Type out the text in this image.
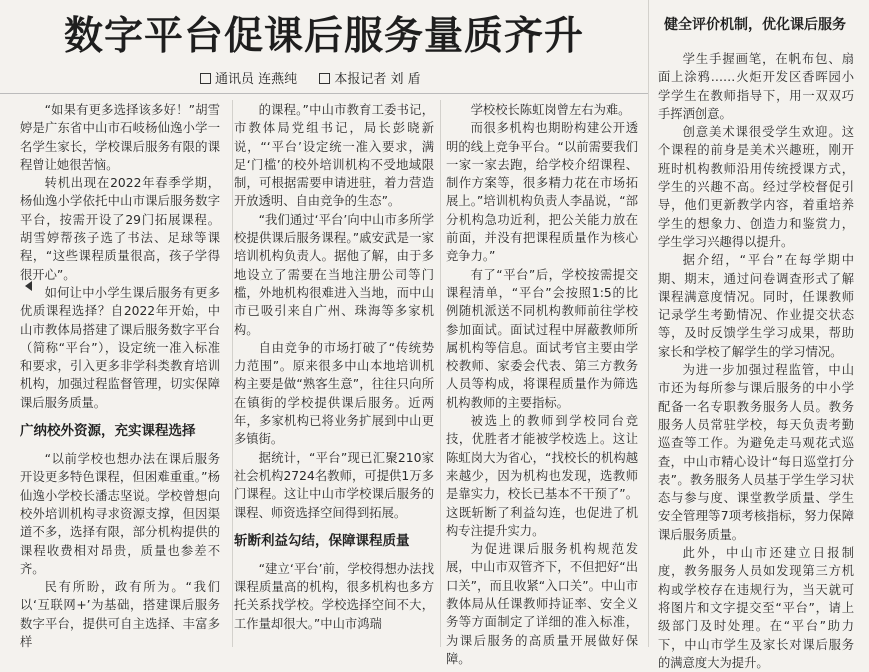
数字平台促课后服务量质齐升
通讯员 连燕纯	本报记者 刘 盾

“如果有更多选择该多好！”胡雪婷是广东省中山市石岐杨仙逸小学一名学生家长，学校课后服务有限的课程曾让她很苦恼。

转机出现在2022年春季学期，杨仙逸小学依托中山市课后服务数字平台，按需开设了29门拓展课程。胡雪婷帮孩子选了书法、足球等课程，“这些课程质量很高，孩子学得很开心”。

如何让中小学生课后服务有更多优质课程选择？自2022年开始，中山市教体局搭建了课后服务数字平台（简称“平台”），设定统一准入标准和要求，引入更多非学科类教育培训机构，加强过程监督管理，切实保障课后服务质量。

广纳校外资源，充实课程选择

“以前学校也想办法在课后服务开设更多特色课程，但困难重重。”杨仙逸小学校长潘志坚说。学校曾想向校外培训机构寻求资源支撑，但因渠道不多，选择有限，部分机构提供的课程收费相对昂贵，质量也参差不齐。

民有所盼，政有所为。“我们以‘互联网+’为基础，搭建课后服务数字平台，提供可自主选择、丰富多样

的课程。”中山市教育工委书记，市教体局党组书记，局长彭晓新说，“‘平台’设定统一准入要求，满足‘门槛’的校外培训机构不受地域限制，可根据需要申请进驻，着力营造开放透明、自由竞争的生态”。

“我们通过‘平台’向中山市多所学校提供课后服务课程。”戚安武是一家培训机构负责人。据他了解，由于多地设立了需要在当地注册公司等门槛，外地机构很难进入当地，而中山市已吸引来自广州、珠海等多家机构。

自由竞争的市场打破了“传统势力范围”。原来很多中山本地培训机构主要是做“熟客生意”，往往只向所在镇街的学校提供课后服务。近两年，多家机构已将业务扩展到中山更多镇街。

据统计，“平台”现已汇聚210家社会机构2724名教师，可提供1万多门课程。这让中山市学校课后服务的课程、师资选择空间得到拓展。

斩断利益勾结，保障课程质量

“建立‘平台’前，学校得想办法找课程质量高的机构，很多机构也多方托关系找学校。学校选择空间不大，工作量却很大。”中山市鸿瑞

学校校长陈虹岗曾左右为难。

而很多机构也期盼构建公开透明的线上竞争平台。“以前需要我们一家一家去跑，给学校介绍课程、制作方案等，很多精力花在市场拓展上。”培训机构负责人李晶说，“部分机构急功近利，把公关能力放在前面，并没有把课程质量作为核心竞争力。”

有了“平台”后，学校按需提交课程清单，“平台”会按照1:5的比例随机派送不同机构教师前往学校参加面试。面试过程中屏蔽教师所属机构等信息。面试考官主要由学校教师、家委会代表、第三方教务人员等构成，将课程质量作为筛选机构教师的主要指标。

被选上的教师到学校同台竞技，优胜者才能被学校选上。这让陈虹岗大为省心，“找校长的机构越来越少，因为机构也发现，选教师是靠实力，校长已基本不干预了”。这既斩断了利益勾连，也促进了机构专注提升实力。

为促进课后服务机构规范发展，中山市双管齐下，不但把好“出口关”，而且收紧“入口关”。中山市教体局从任课教师持证率、安全义务等方面制定了详细的准入标准，为课后服务的高质量开展做好保障。

健全评价机制，优化课后服务

学生手握画笔，在帆布包、扇面上涂鸦……火炬开发区香晖园小学学生在教师指导下，用一双双巧手挥洒创意。

创意美术课很受学生欢迎。这个课程的前身是美术兴趣班，刚开班时机构教师沿用传统授课方式，学生的兴趣不高。经过学校督促引导，他们更新教学内容，着重培养学生的想象力、创造力和鉴赏力，学生学习兴趣得以提升。

据介绍，“平台”在每学期中期、期末，通过问卷调查形式了解课程满意度情况。同时，任课教师记录学生考勤情况、作业提交状态等，及时反馈学生学习成果，帮助家长和学校了解学生的学习情况。

为进一步加强过程监管，中山市还为每所参与课后服务的中小学配备一名专职教务服务人员。教务服务人员常驻学校，每天负责考勤巡查等工作。为避免走马观花式巡查，中山市精心设计“每日巡堂打分表”。教务服务人员基于学生学习状态与参与度、课堂教学质量、学生安全管理等7项考核指标，努力保障课后服务质量。

此外，中山市还建立日报制度，教务服务人员如发现第三方机构或学校存在违规行为，当天就可将图片和文字提交至“平台”，请上级部门及时处理。在“平台”助力下，中山市学生及家长对课后服务的满意度大为提升。
